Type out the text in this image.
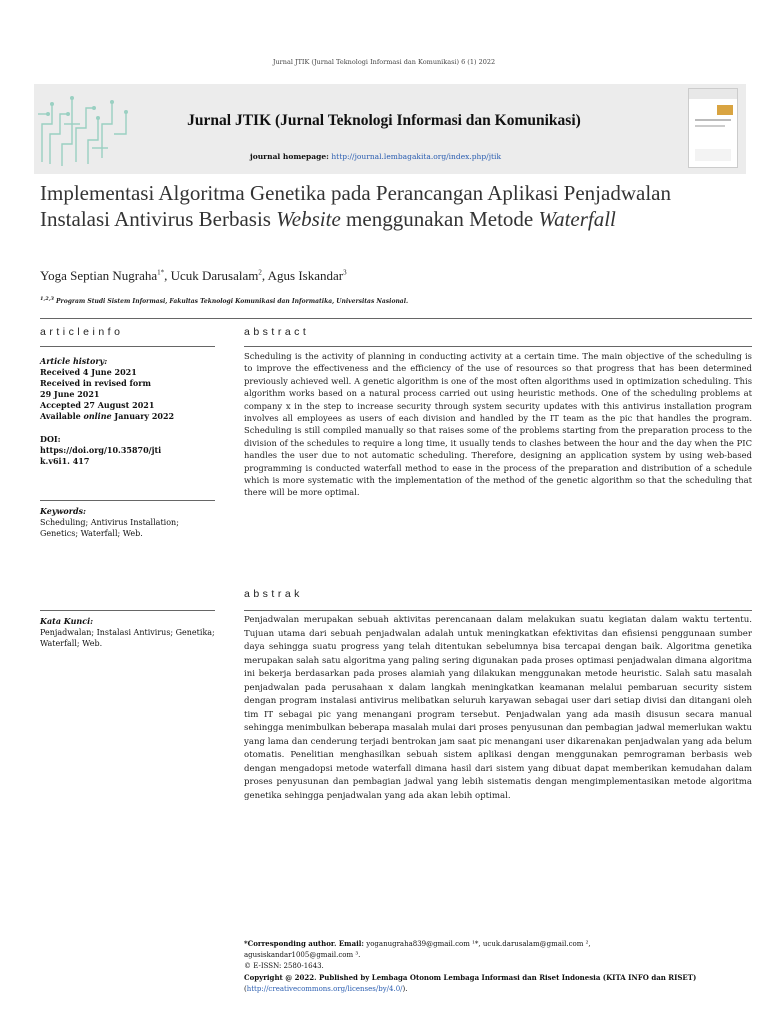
Jurnal JTIK (Jurnal Teknologi Informasi dan Komunikasi) 6 (1) 2022
Jurnal JTIK (Jurnal Teknologi Informasi dan Komunikasi)
journal homepage: http://journal.lembagakita.org/index.php/jtik
Implementasi Algoritma Genetika pada Perancangan Aplikasi Penjadwalan Instalasi Antivirus Berbasis Website menggunakan Metode Waterfall
Yoga Septian Nugraha$^{1*}$, Ucuk Darusalam$^2$, Agus Iskandar$^3$
$^{1,2,3}$ Program Studi Sistem Informasi, Fakultas Teknologi Komunikasi dan Informatika, Universitas Nasional.
articleinfo	abstract
Article history:
Received 4 June 2021
Received in revised form
29 June 2021
Accepted 27 August 2021
Available online January 2022
DOI:
https://doi.org/10.35870/jti
k.v6i1. 417
Keywords:
Scheduling; Antivirus Installation; Genetics; Waterfall; Web.
Scheduling is the activity of planning in conducting activity at a certain time. The main objective of the scheduling is to improve the effectiveness and the efficiency of the use of resources so that progress that has been determined previously achieved well. A genetic algorithm is one of the most often algorithms used in optimization scheduling. This algorithm works based on a natural process carried out using heuristic methods. One of the scheduling problems at company x in the step to increase security through system security updates with this antivirus installation program involves all employees as users of each division and handled by the IT team as the pic that handles the program. Scheduling is still compiled manually so that raises some of the problems starting from the preparation process to the division of the schedules to require a long time, it usually tends to clashes between the hour and the day when the PIC handles the user due to not automatic scheduling. Therefore, designing an application system by using web-based programming is conducted waterfall method to ease in the process of the preparation and distribution of a schedule which is more systematic with the implementation of the method of the genetic algorithm so that the scheduling that there will be more optimal.
abstrak
Kata Kunci:
Penjadwalan; Instalasi Antivirus; Genetika; Waterfall; Web.
Penjadwalan merupakan sebuah aktivitas perencanaan dalam melakukan suatu kegiatan dalam waktu tertentu. Tujuan utama dari sebuah penjadwalan adalah untuk meningkatkan efektivitas dan efisiensi penggunaan sumber daya sehingga suatu progress yang telah ditentukan sebelumnya bisa tercapai dengan baik. Algoritma genetika merupakan salah satu algoritma yang paling sering digunakan pada proses optimasi penjadwalan dimana algoritma ini bekerja berdasarkan pada proses alamiah yang dilakukan menggunakan metode heuristic. Salah satu masalah penjadwalan pada perusahaan x dalam langkah meningkatkan keamanan melalui pembaruan security sistem dengan program instalasi antivirus melibatkan seluruh karyawan sebagai user dari setiap divisi dan ditangani oleh tim IT sebagai pic yang menangani program tersebut. Penjadwalan yang ada masih disusun secara manual sehingga menimbulkan beberapa masalah mulai dari proses penyusunan dan pembagian jadwal memerlukan waktu yang lama dan cenderung terjadi bentrokan jam saat pic menangani user dikarenakan penjadwalan yang ada belum otomatis. Penelitian menghasilkan sebuah sistem aplikasi dengan menggunakan pemrograman berbasis web dengan mengadopsi metode waterfall dimana hasil dari sistem yang dibuat dapat memberikan kemudahan dalam proses penyusunan dan pembagian jadwal yang lebih sistematis dengan mengimplementasikan metode algoritma genetika sehingga penjadwalan yang ada akan lebih optimal.
*Corresponding author. Email: yoganugraha839@gmail.com ¹*, ucuk.darusalam@gmail.com ²,
agusiskandar1005@gmail.com ³.
© E-ISSN: 2580-1643.
Copyright @ 2022. Published by Lembaga Otonom Lembaga Informasi dan Riset Indonesia (KITA INFO dan RISET)
(http://creativecommons.org/licenses/by/4.0/).
